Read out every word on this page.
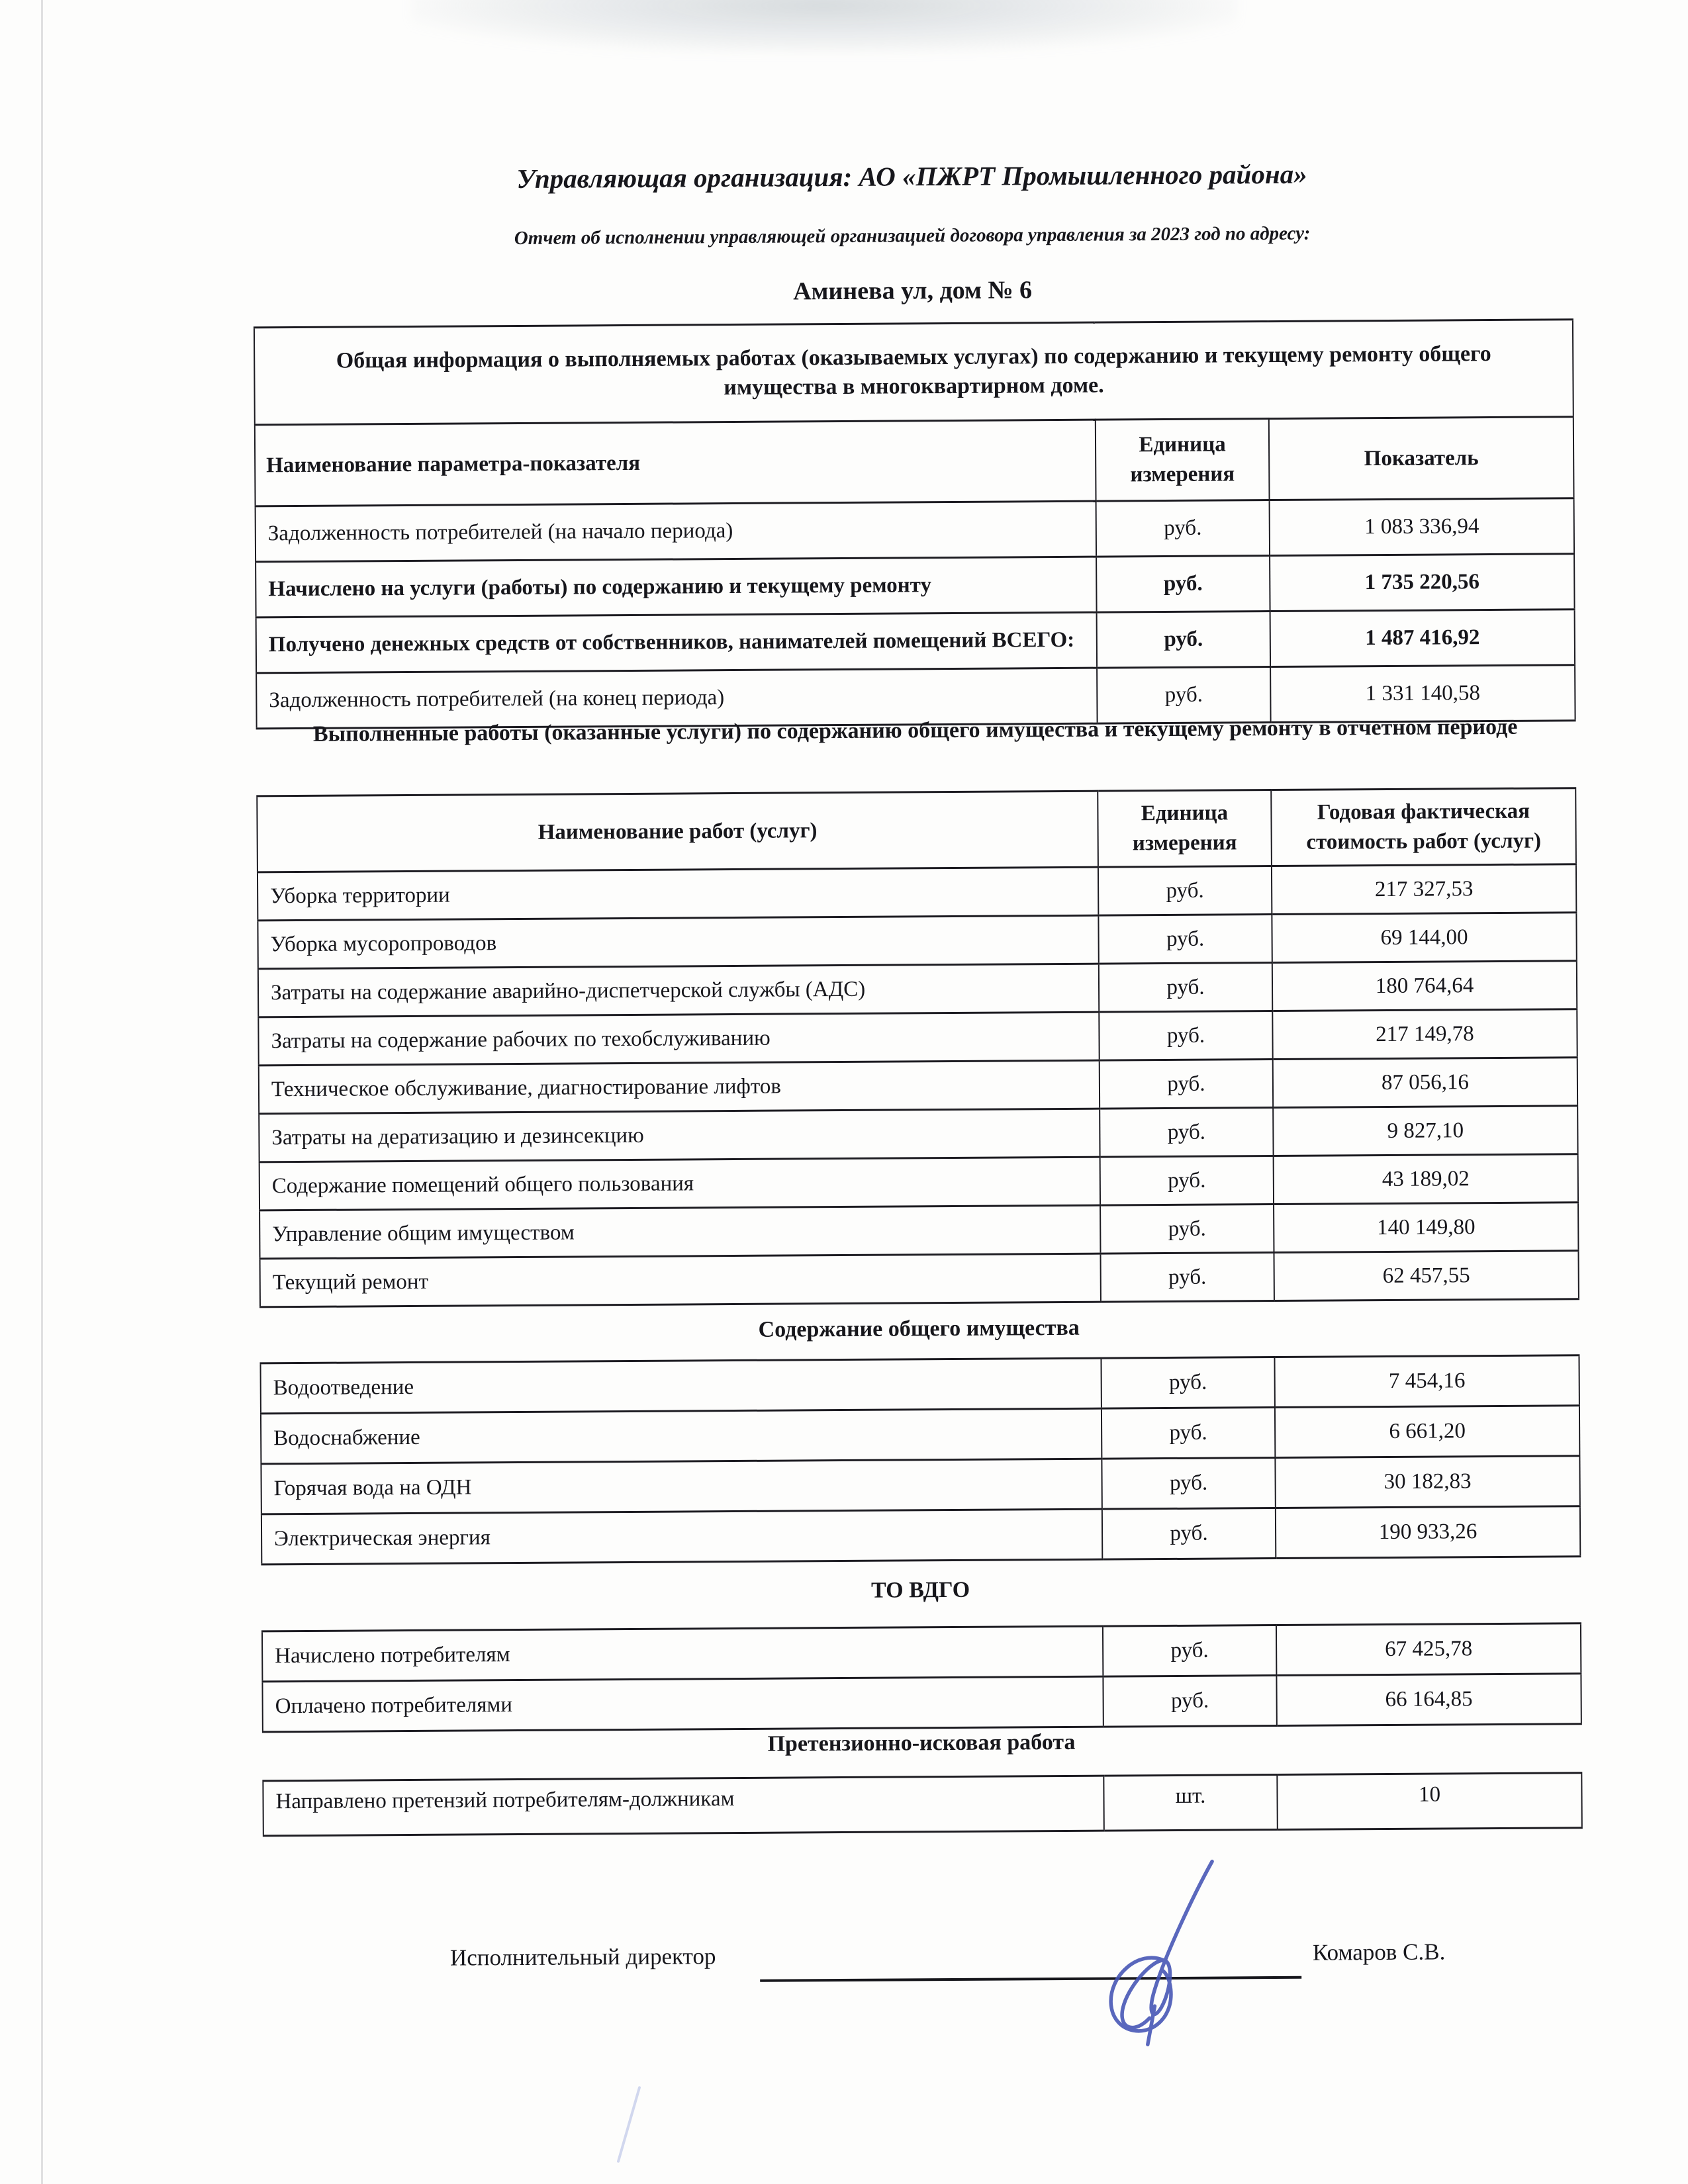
Управляющая организация: АО «ПЖРТ Промышленного района»
Отчет об исполнении управляющей организацией договора управления за 2023 год по адресу:
Аминева ул, дом № 6
Общая информация о выполняемых работах (оказываемых услугах) по содержанию и текущему ремонту общего имущества в многоквартирном доме.		
Наименование параметра-показателя	Единица измерения	Показатель
Задолженность потребителей (на начало периода)	руб.	1 083 336,94
Начислено на услуги (работы) по содержанию и текущему ремонту	руб.	1 735 220,56
Получено денежных средств от собственников, нанимателей помещений ВСЕГО:	руб.	1 487 416,92
Задолженность потребителей (на конец периода)	руб.	1 331 140,58
Выполненные работы (оказанные услуги) по содержанию общего имущества и текущему ремонту в отчетном периоде
Наименование работ (услуг)	Единица измерения	Годовая фактическая стоимость работ (услуг)
Уборка территории	руб.	217 327,53
Уборка мусоропроводов	руб.	69 144,00
Затраты на содержание аварийно-диспетчерской службы (АДС)	руб.	180 764,64
Затраты на содержание рабочих по техобслуживанию	руб.	217 149,78
Техническое обслуживание, диагностирование лифтов	руб.	87 056,16
Затраты на дератизацию и дезинсекцию	руб.	9 827,10
Содержание помещений общего пользования	руб.	43 189,02
Управление общим имуществом	руб.	140 149,80
Текущий ремонт	руб.	62 457,55
Содержание общего имущества
Водоотведение	руб.	7 454,16
Водоснабжение	руб.	6 661,20
Горячая вода на ОДН	руб.	30 182,83
Электрическая энергия	руб.	190 933,26
ТО ВДГО
Начислено потребителям	руб.	67 425,78
Оплачено потребителями	руб.	66 164,85
Претензионно-исковая работа
Направлено претензий потребителям-должникам	шт.	10
Исполнительный директор	Комаров С.В.
